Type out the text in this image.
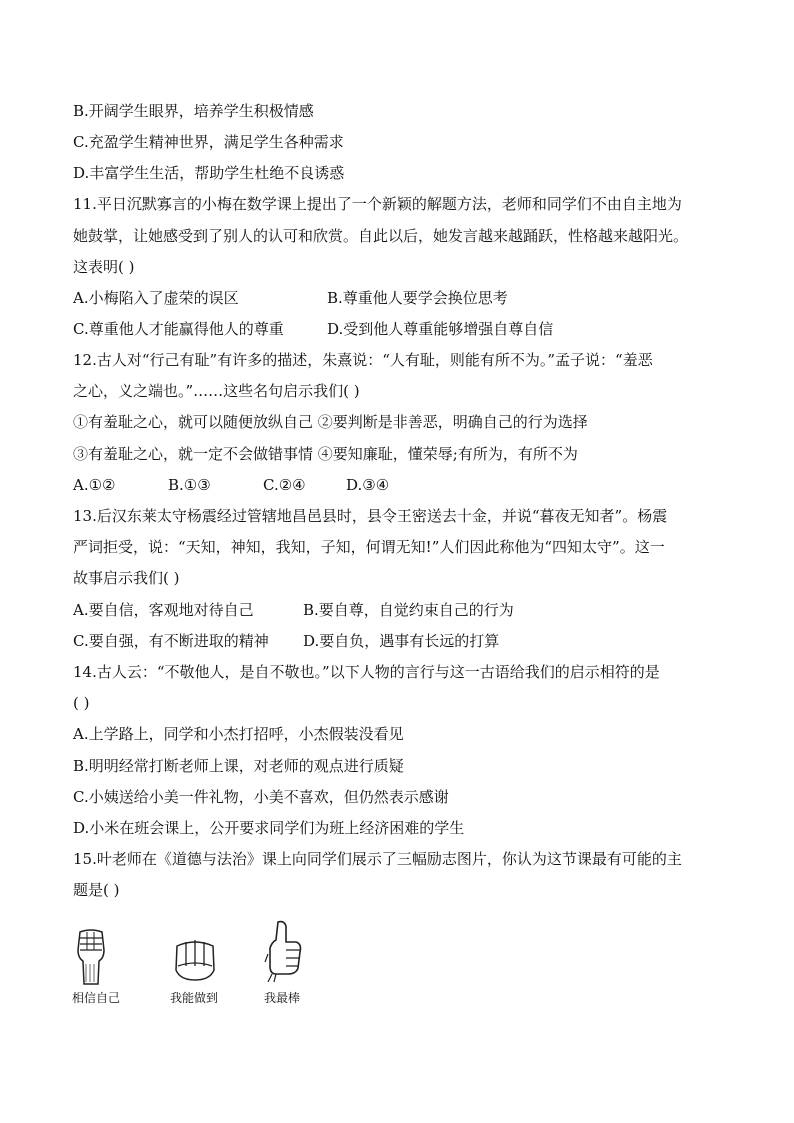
B.开阔学生眼界，培养学生积极情感
C.充盈学生精神世界，满足学生各种需求
D.丰富学生生活，帮助学生杜绝不良诱惑
11.平日沉默寡言的小梅在数学课上提出了一个新颖的解题方法，老师和同学们不由自主地为
她鼓掌，让她感受到了别人的认可和欣赏。自此以后，她发言越来越踊跃，性格越来越阳光。
这表明( )
A.小梅陷入了虚荣的误区	B.尊重他人要学会换位思考
C.尊重他人才能赢得他人的尊重	D.受到他人尊重能够增强自尊自信
12.古人对“行己有耻”有许多的描述，朱熹说：“人有耻，则能有所不为。”孟子说：“羞恶
之心，义之端也。”……这些名句启示我们( )
①有羞耻之心，就可以随便放纵自己 ②要判断是非善恶，明确自己的行为选择
③有羞耻之心，就一定不会做错事情 ④要知廉耻，懂荣辱;有所为，有所不为
A.①②	B.①③	C.②④	D.③④
13.后汉东莱太守杨震经过管辖地昌邑县时，县令王密送去十金，并说“暮夜无知者”。杨震
严词拒受，说：“天知，神知，我知，子知，何谓无知!”人们因此称他为“四知太守”。这一
故事启示我们( )
A.要自信，客观地对待自己	B.要自尊，自觉约束自己的行为
C.要自强，有不断进取的精神 D.要自负，遇事有长远的打算
14.古人云：“不敬他人，是自不敬也。”以下人物的言行与这一古语给我们的启示相符的是
( )
A.上学路上，同学和小杰打招呼，小杰假装没看见
B.明明经常打断老师上课，对老师的观点进行质疑
C.小姨送给小美一件礼物，小美不喜欢，但仍然表示感谢
D.小米在班会课上，公开要求同学们为班上经济困难的学生
15.叶老师在《道德与法治》课上向同学们展示了三幅励志图片，你认为这节课最有可能的主
题是( )
相信自己	我能做到	我最棒
